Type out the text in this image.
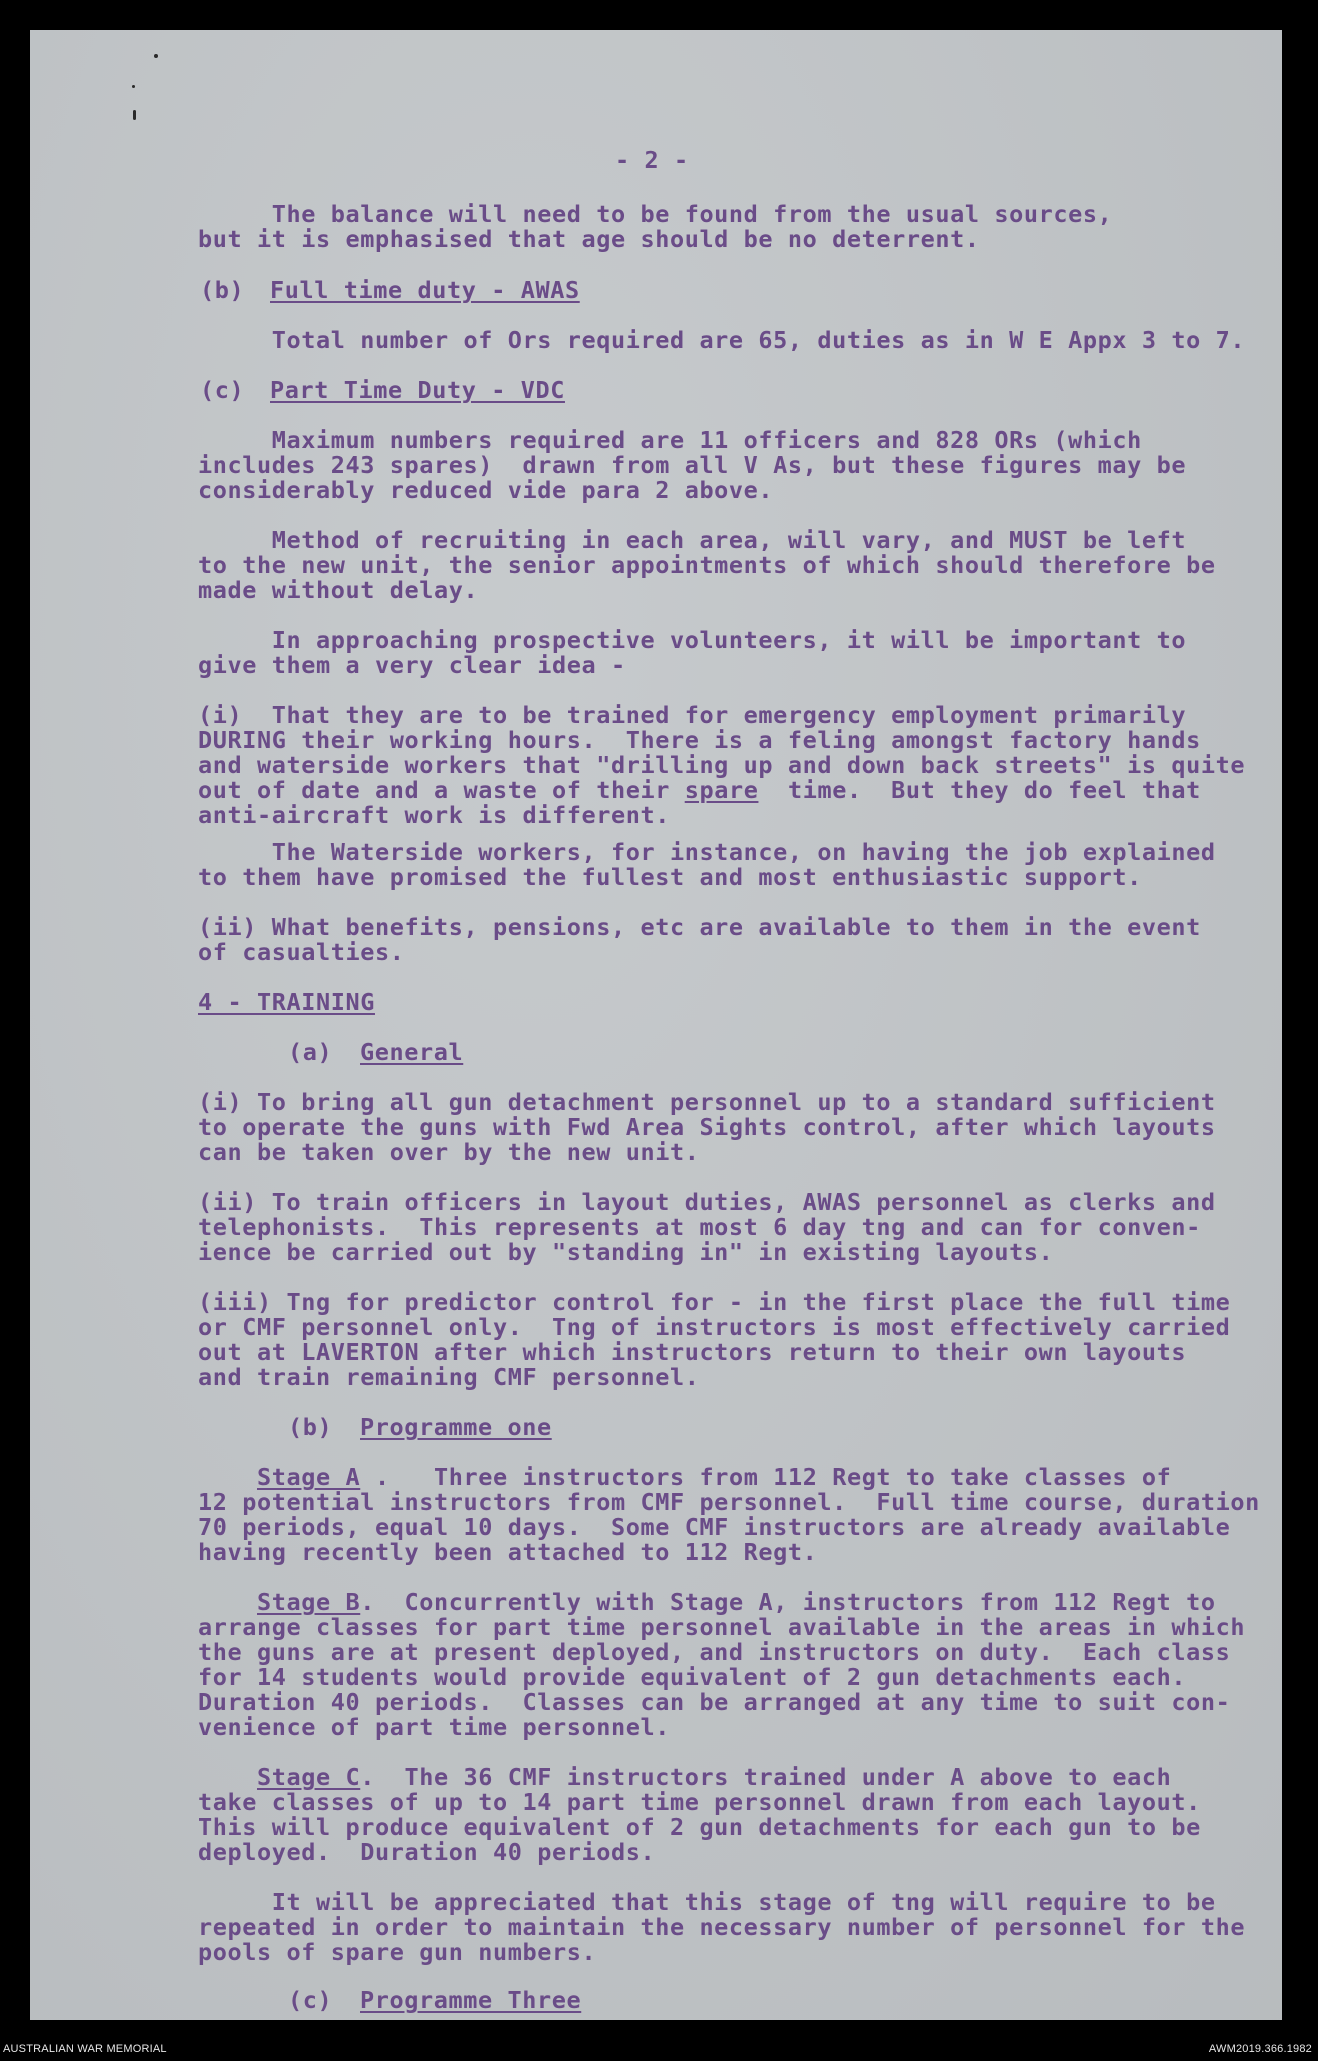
- 2 -
The balance will need to be found from the usual sources,
but it is emphasised that age should be no deterrent.
(b) Full time duty - AWAS
Total number of Ors required are 65, duties as in W E Appx 3 to 7.
(c) Part Time Duty - VDC
Maximum numbers required are 11 officers and 828 ORs (which
includes 243 spares)  drawn from all V As, but these figures may be
considerably reduced vide para 2 above.
Method of recruiting in each area, will vary, and MUST be left
to the new unit, the senior appointments of which should therefore be
made without delay.
In approaching prospective volunteers, it will be important to
give them a very clear idea -
(i)  That they are to be trained for emergency employment primarily
DURING their working hours.  There is a feling amongst factory hands
and waterside workers that "drilling up and down back streets" is quite
out of date and a waste of their spare  time.  But they do feel that
anti-aircraft work is different.
The Waterside workers, for instance, on having the job explained
to them have promised the fullest and most enthusiastic support.
(ii) What benefits, pensions, etc are available to them in the event
of casualties.
4 - TRAINING
(a) General
(i) To bring all gun detachment personnel up to a standard sufficient
to operate the guns with Fwd Area Sights control, after which layouts
can be taken over by the new unit.
(ii) To train officers in layout duties, AWAS personnel as clerks and
telephonists.  This represents at most 6 day tng and can for conven-
ience be carried out by "standing in" in existing layouts.
(iii) Tng for predictor control for - in the first place the full time
or CMF personnel only.  Tng of instructors is most effectively carried
out at LAVERTON after which instructors return to their own layouts
and train remaining CMF personnel.
(b) Programme one
Stage A .   Three instructors from 112 Regt to take classes of
12 potential instructors from CMF personnel.  Full time course, duration
70 periods, equal 10 days.  Some CMF instructors are already available
having recently been attached to 112 Regt.
Stage B.  Concurrently with Stage A, instructors from 112 Regt to
arrange classes for part time personnel available in the areas in which
the guns are at present deployed, and instructors on duty.  Each class
for 14 students would provide equivalent of 2 gun detachments each.
Duration 40 periods.  Classes can be arranged at any time to suit con-
venience of part time personnel.
Stage C.  The 36 CMF instructors trained under A above to each
take classes of up to 14 part time personnel drawn from each layout.
This will produce equivalent of 2 gun detachments for each gun to be
deployed.  Duration 40 periods.
It will be appreciated that this stage of tng will require to be
repeated in order to maintain the necessary number of personnel for the
pools of spare gun numbers.
(c) Programme Three
AUSTRALIAN WAR MEMORIAL	AWM2019.366.1982
